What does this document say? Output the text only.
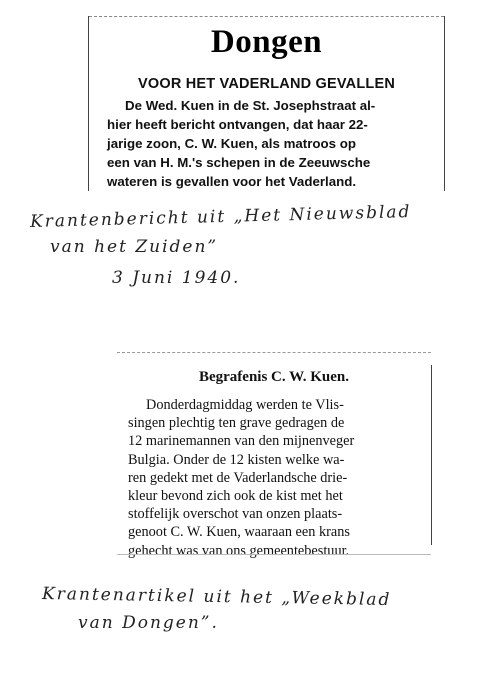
Dongen
VOOR HET VADERLAND GEVALLEN
De Wed. Kuen in de St. Josephstraat al-
hier heeft bericht ontvangen, dat haar 22-
jarige zoon, C. W. Kuen, als matroos op
een van H. M.'s schepen in de Zeeuwsche
wateren is gevallen voor het Vaderland.
Krantenbericht uit „Het Nieuwsblad
van het Zuiden”
3 Juni 1940.
Begrafenis C. W. Kuen.
Donderdagmiddag werden te Vlis-
singen plechtig ten grave gedragen de
12 marinemannen van den mijnenveger
Bulgia. Onder de 12 kisten welke wa-
ren gedekt met de Vaderlandsche drie-
kleur bevond zich ook de kist met het
stoffelijk overschot van onzen plaats-
genoot C. W. Kuen, waaraan een krans
gehecht was van ons gemeentebestuur.
Krantenartikel uit het „Weekblad
van Dongen”.
